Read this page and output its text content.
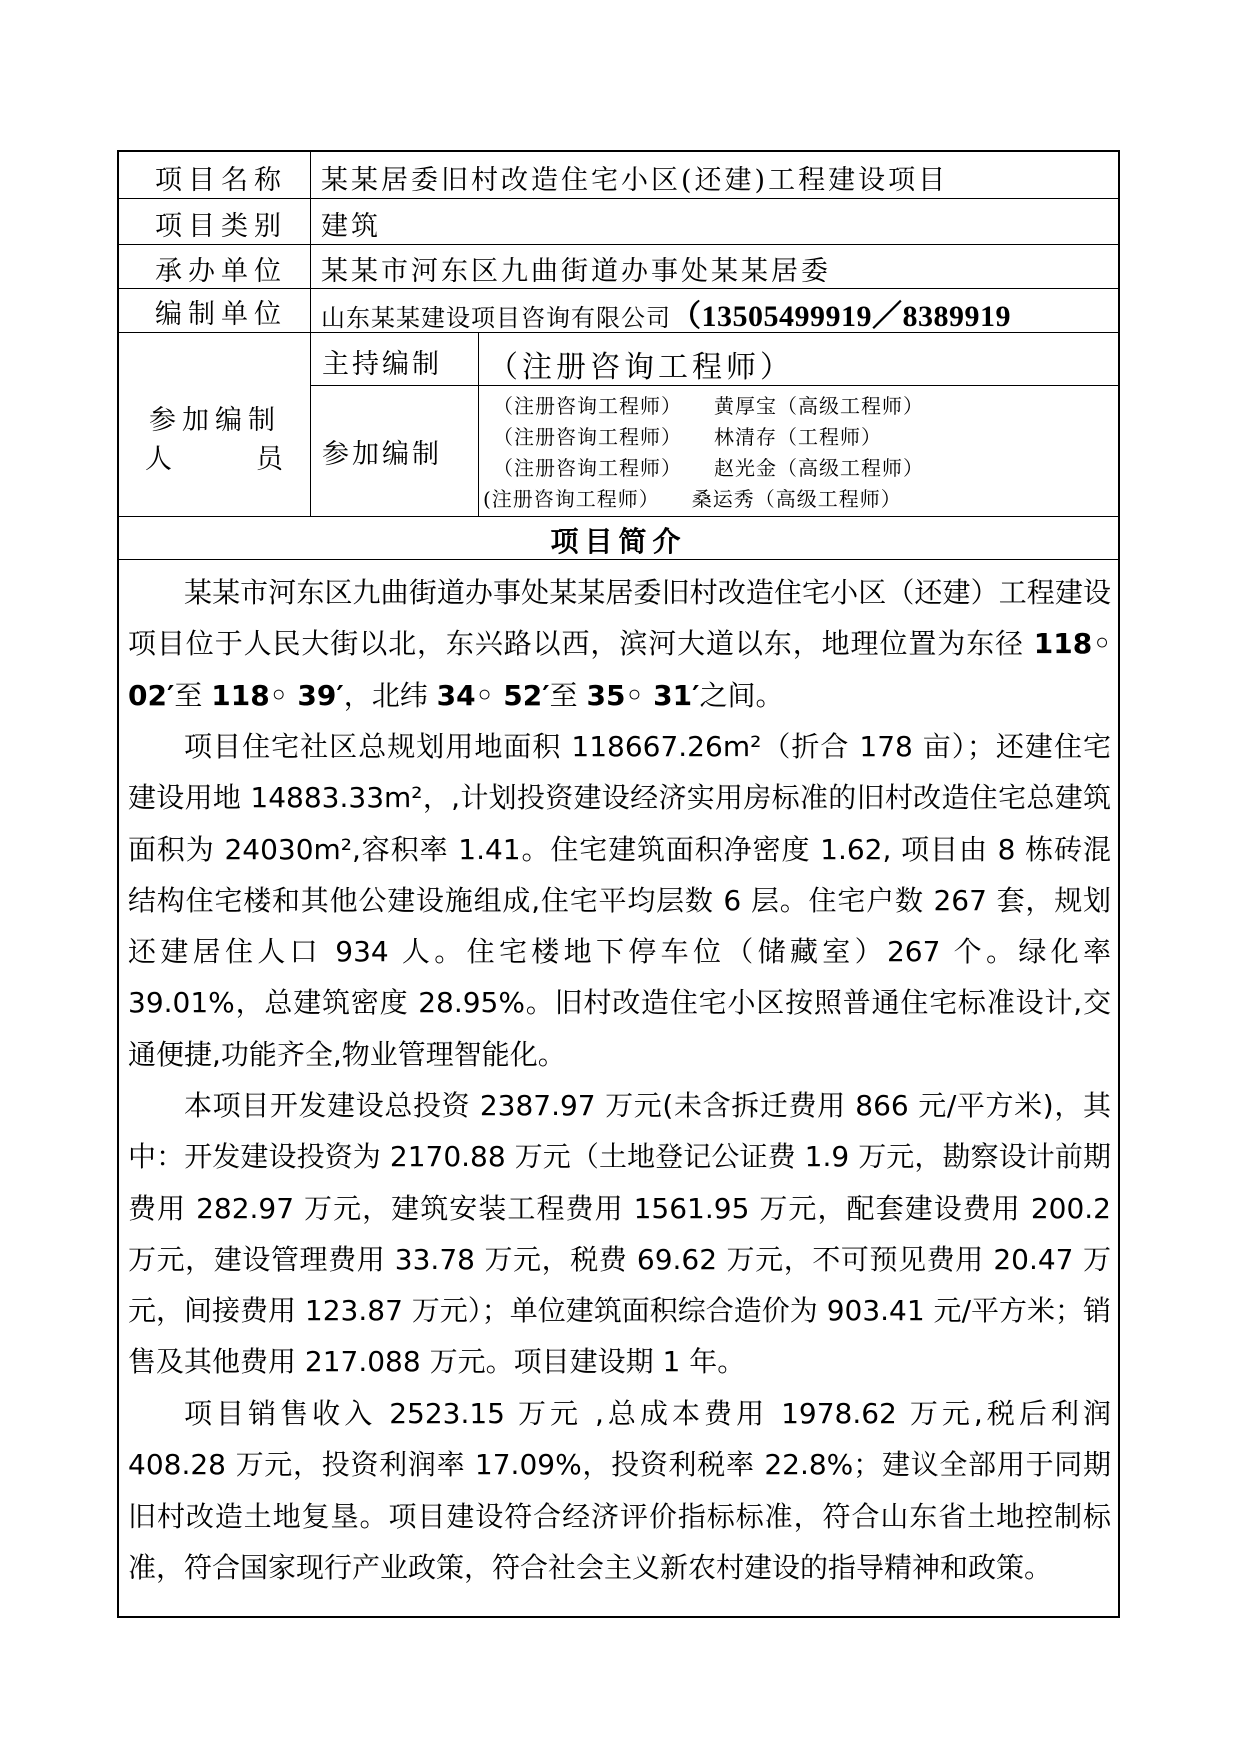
项目名称 某某居委旧村改造住宅小区(还建)工程建设项目
项目类别 建筑
承办单位 某某市河东区九曲街道办事处某某居委
编制单位 山东某某建设项目咨询有限公司（13505499919／8389919
参加编制
人	员
主持编制 （注册咨询工程师）
参加编制
（注册咨询工程师）　　黄厚宝（高级工程师）
（注册咨询工程师）　　林清存（工程师）
（注册咨询工程师）　　赵光金（高级工程师）
(注册咨询工程师）　　桑运秀（高级工程师）
项目简介

某某市河东区九曲街道办事处某某居委旧村改造住宅小区（还建）工程建设项目位于人民大街以北，东兴路以西，滨河大道以东，地理位置为东径 118◦ 02′至 118◦ 39′，北纬 34◦ 52′至 35◦ 31′之间。

项目住宅社区总规划用地面积 118667.26m²（折合 178 亩）；还建住宅建设用地 14883.33m²，,计划投资建设经济实用房标准的旧村改造住宅总建筑面积为 24030m²,容积率 1.41。住宅建筑面积净密度 1.62, 项目由 8 栋砖混结构住宅楼和其他公建设施组成,住宅平均层数 6 层。住宅户数 267 套，规划还建居住人口 934 人。住宅楼地下停车位（储藏室）267 个。绿化率 39.01%，总建筑密度 28.95%。旧村改造住宅小区按照普通住宅标准设计,交通便捷,功能齐全,物业管理智能化。

本项目开发建设总投资 2387.97 万元(未含拆迁费用 866 元/平方米)，其中：开发建设投资为 2170.88 万元（土地登记公证费 1.9 万元，勘察设计前期费用 282.97 万元，建筑安装工程费用 1561.95 万元，配套建设费用 200.2 万元，建设管理费用 33.78 万元，税费 69.62 万元，不可预见费用 20.47 万元，间接费用 123.87 万元）；单位建筑面积综合造价为 903.41 元/平方米；销售及其他费用 217.088 万元。项目建设期 1 年。

项目销售收入 2523.15 万元 ,总成本费用 1978.62 万元,税后利润 408.28 万元，投资利润率 17.09%，投资利税率 22.8%；建议全部用于同期旧村改造土地复垦。项目建设符合经济评价指标标准，符合山东省土地控制标准，符合国家现行产业政策，符合社会主义新农村建设的指导精神和政策。
